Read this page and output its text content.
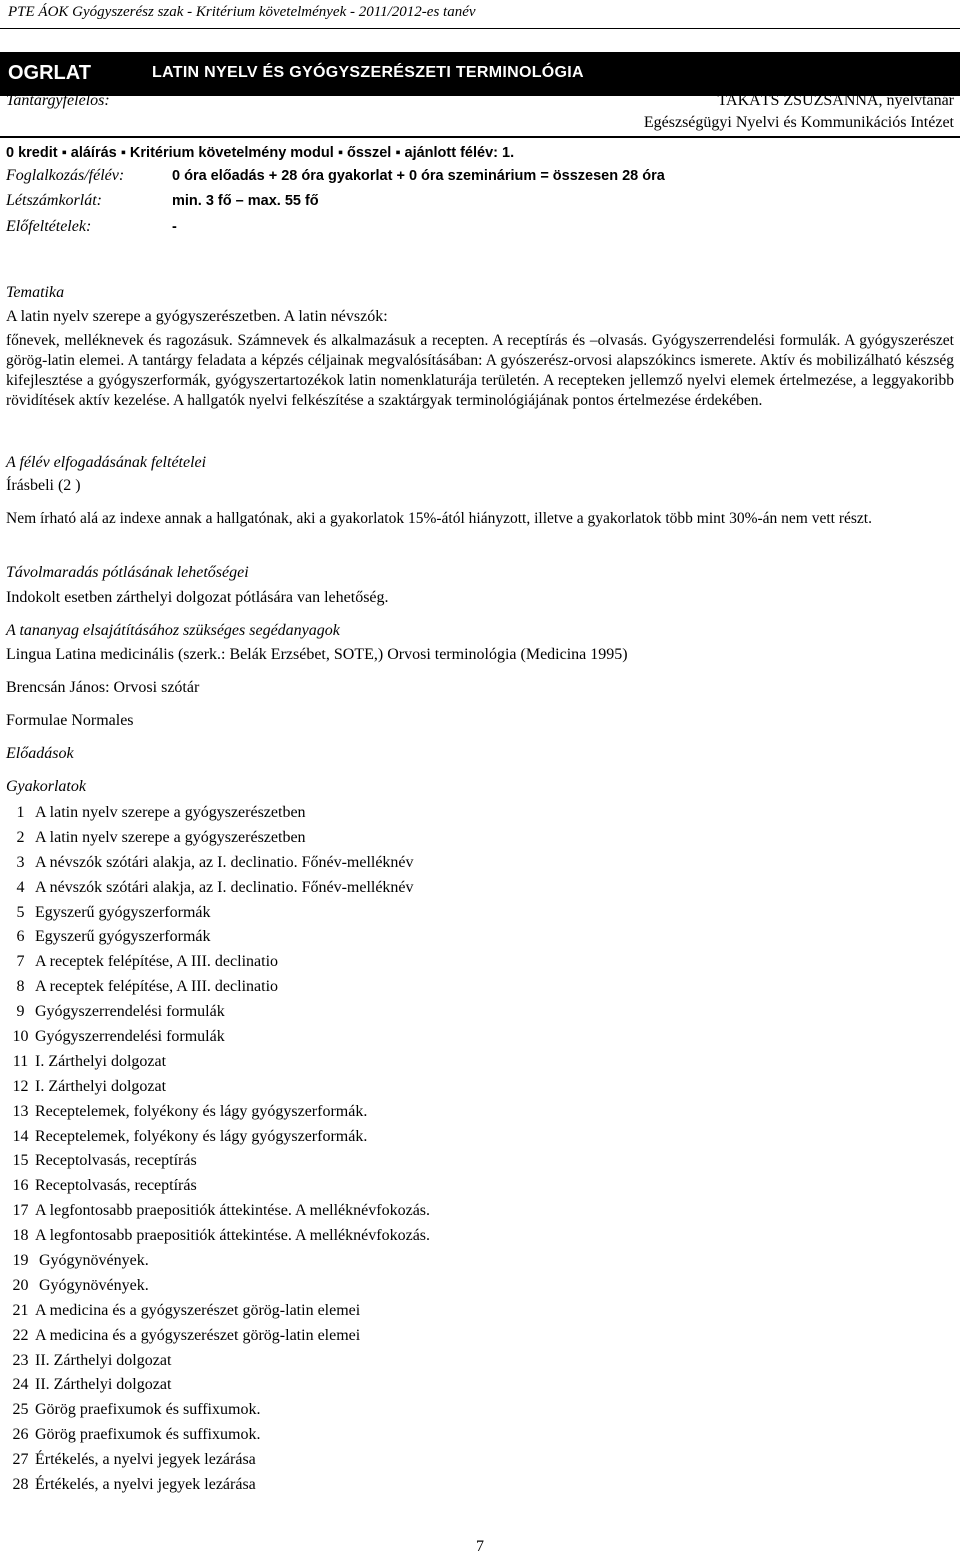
PTE ÁOK Gyógyszerész szak - Kritérium követelmények - 2011/2012-es tanév
OGRLAT	LATIN NYELV ÉS GYÓGYSZERÉSZETI TERMINOLÓGIA
Tantárgyfelelős:	TAKÁTS ZSUZSANNA, nyelvtanár
Egészségügyi Nyelvi és Kommunikációs Intézet
0 kredit ▪ aláírás ▪ Kritérium követelmény modul ▪ ősszel ▪ ajánlott félév: 1.
Foglalkozás/félév:	0 óra előadás + 28 óra gyakorlat + 0 óra szeminárium = összesen 28 óra
Létszámkorlát:	min. 3 fő – max. 55 fő
Előfeltételek:	-
Tematika
A latin nyelv szerepe a gyógyszerészetben. A latin névszók:
főnevek, melléknevek és ragozásuk. Számnevek és alkalmazásuk a recepten. A receptírás és –olvasás. Gyógyszerrendelési formulák. A gyógyszerészet görög-latin elemei. A tantárgy feladata a képzés céljainak megvalósításában: A gyószerész-orvosi alapszókincs ismerete. Aktív és mobilizálható készség kifejlesztése a gyógyszerformák, gyógyszertartozékok latin nomenklaturája területén. A recepteken jellemző nyelvi elemek értelmezése, a leggyakoribb rövidítések aktív kezelése. A hallgatók nyelvi felkészítése a szaktárgyak terminológiájának pontos értelmezése érdekében.
A félév elfogadásának feltételei
Írásbeli (2 )
Nem írható alá az indexe annak a hallgatónak, aki a gyakorlatok 15%-ától hiányzott, illetve a gyakorlatok több mint 30%-án nem vett részt.
Távolmaradás pótlásának lehetőségei
Indokolt esetben zárthelyi dolgozat pótlására van lehetőség.
A tananyag elsajátításához szükséges segédanyagok
Lingua Latina medicinális (szerk.: Belák Erzsébet, SOTE,) Orvosi terminológia (Medicina 1995)
Brencsán János: Orvosi szótár
Formulae Normales
Előadások
Gyakorlatok
1 A latin nyelv szerepe a gyógyszerészetben
2 A latin nyelv szerepe a gyógyszerészetben
3 A névszók szótári alakja, az I. declinatio. Főnév-melléknév
4 A névszók szótári alakja, az I. declinatio. Főnév-melléknév
5 Egyszerű gyógyszerformák
6 Egyszerű gyógyszerformák
7 A receptek felépítése, A III. declinatio
8 A receptek felépítése, A III. declinatio
9 Gyógyszerrendelési formulák
10 Gyógyszerrendelési formulák
11 I. Zárthelyi dolgozat
12 I. Zárthelyi dolgozat
13 Receptelemek, folyékony és lágy gyógyszerformák.
14 Receptelemek, folyékony és lágy gyógyszerformák.
15 Receptolvasás, receptírás
16 Receptolvasás, receptírás
17 A legfontosabb praepositiók áttekintése. A melléknévfokozás.
18 A legfontosabb praepositiók áttekintése. A melléknévfokozás.
19 Gyógynövények.
20 Gyógynövények.
21 A medicina és a gyógyszerészet görög-latin elemei
22 A medicina és a gyógyszerészet görög-latin elemei
23 II. Zárthelyi dolgozat
24 II. Zárthelyi dolgozat
25 Görög praefixumok és suffixumok.
26 Görög praefixumok és suffixumok.
27 Értékelés, a nyelvi jegyek lezárása
28 Értékelés, a nyelvi jegyek lezárása
7
